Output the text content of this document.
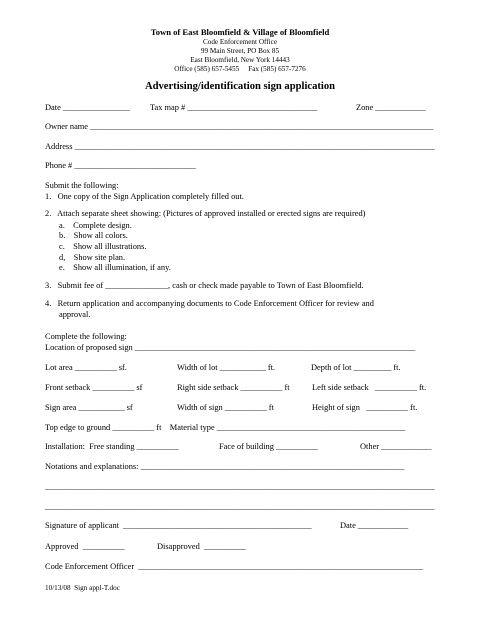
Town of East Bloomfield & Village of Bloomfield
Code Enforcement Office
99 Main Street, PO Box 85
East Bloomfield, New York 14443
Office (585) 657-5455     Fax (585) 657-7276
Advertising/identification sign application
Date ________________ Tax map # _______________________________	Zone ____________
Owner name __________________________________________________________________________________
Address ______________________________________________________________________________________
Phone # _____________________________
Submit the following:
1.   One copy of the Sign Application completely filled out.
2.   Attach separate sheet showing: (Pictures of approved installed or erected signs are required)
a.    Complete design.
b.    Show all colors.
c.    Show all illustrations.
d,    Show site plan.
e.    Show all illumination, if any.
3.   Submit fee of _______________, cash or check made payable to Town of East Bloomfield.
4.   Return application and accompanying documents to Code Enforcement Officer for review and
approval.
Complete the following:
Location of proposed sign ___________________________________________________________________
Lot area __________ sf.	Width of lot ___________ ft.	Depth of lot _________ ft.
Front setback __________ sf	Right side setback __________ ft	Left side setback   __________ ft.
Sign area ___________ sf	Width of sign __________ ft	Height of sign   __________ ft.
Top edge to ground __________ ft    Material type _____________________________________________
Installation:  Free standing __________	Face of building __________	Other ____________
Notations and explanations: _______________________________________________________________
_____________________________________________________________________________________________
_____________________________________________________________________________________________
Signature of applicant  _____________________________________________	Date ____________
Approved  __________	Disapproved  __________
Code Enforcement Officer  ____________________________________________________________________
10/13/08  Sign appl-T.doc
